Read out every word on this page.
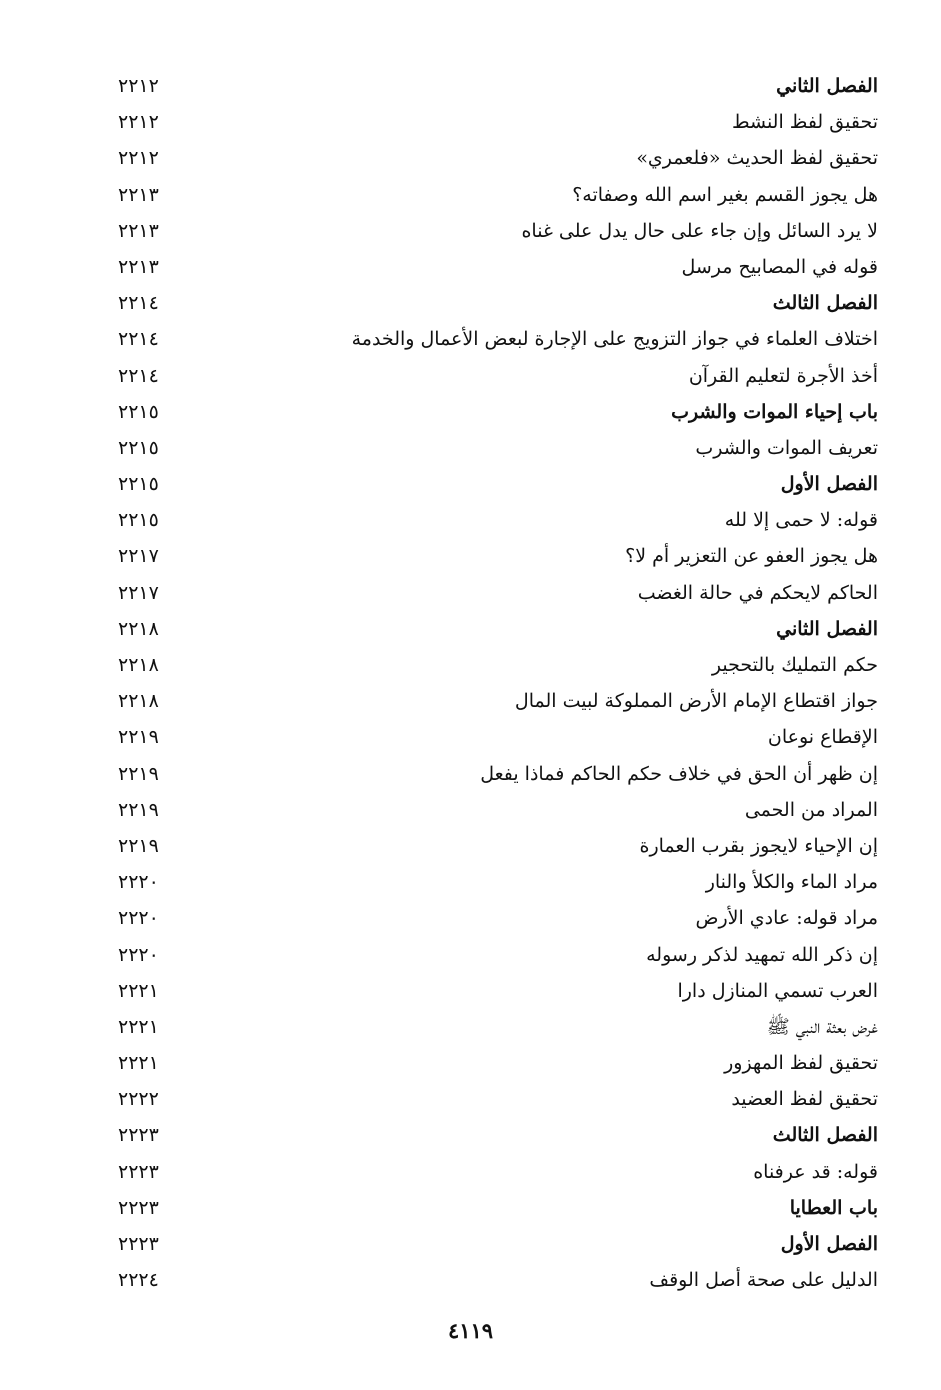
الفصل الثاني
٢٢١٢
تحقيق لفظ النشط
٢٢١٢
تحقيق لفظ الحديث «فلعمري»
٢٢١٢
هل يجوز القسم بغير اسم الله وصفاته؟
٢٢١٣
لا يرد السائل وإن جاء على حال يدل على غناه
٢٢١٣
قوله في المصابيح مرسل
٢٢١٣
الفصل الثالث
٢٢١٤
اختلاف العلماء في جواز التزويج على الإجارة لبعض الأعمال والخدمة
٢٢١٤
أخذ الأجرة لتعليم القرآن
٢٢١٤
باب إحياء الموات والشرب
٢٢١٥
تعريف الموات والشرب
٢٢١٥
الفصل الأول
٢٢١٥
قوله: لا حمى إلا لله
٢٢١٥
هل يجوز العفو عن التعزير أم لا؟
٢٢١٧
الحاكم لايحكم في حالة الغضب
٢٢١٧
الفصل الثاني
٢٢١٨
حكم التمليك بالتحجير
٢٢١٨
جواز اقتطاع الإمام الأرض المملوكة لبيت المال
٢٢١٨
الإقطاع نوعان
٢٢١٩
إن ظهر أن الحق في خلاف حكم الحاكم فماذا يفعل
٢٢١٩
المراد من الحمى
٢٢١٩
إن الإحياء لايجوز بقرب العمارة
٢٢١٩
مراد الماء والكلأ والنار
٢٢٢٠
مراد قوله: عادي الأرض
٢٢٢٠
إن ذكر الله تمهيد لذكر رسوله
٢٢٢٠
العرب تسمي المنازل دارا
٢٢٢١
غرض بعثة النبي ﷺ
٢٢٢١
تحقيق لفظ المهزور
٢٢٢١
تحقيق لفظ العضيد
٢٢٢٢
الفصل الثالث
٢٢٢٣
قوله: قد عرفناه
٢٢٢٣
باب العطايا
٢٢٢٣
الفصل الأول
٢٢٢٣
الدليل على صحة أصل الوقف
٢٢٢٤
٤١١٩
